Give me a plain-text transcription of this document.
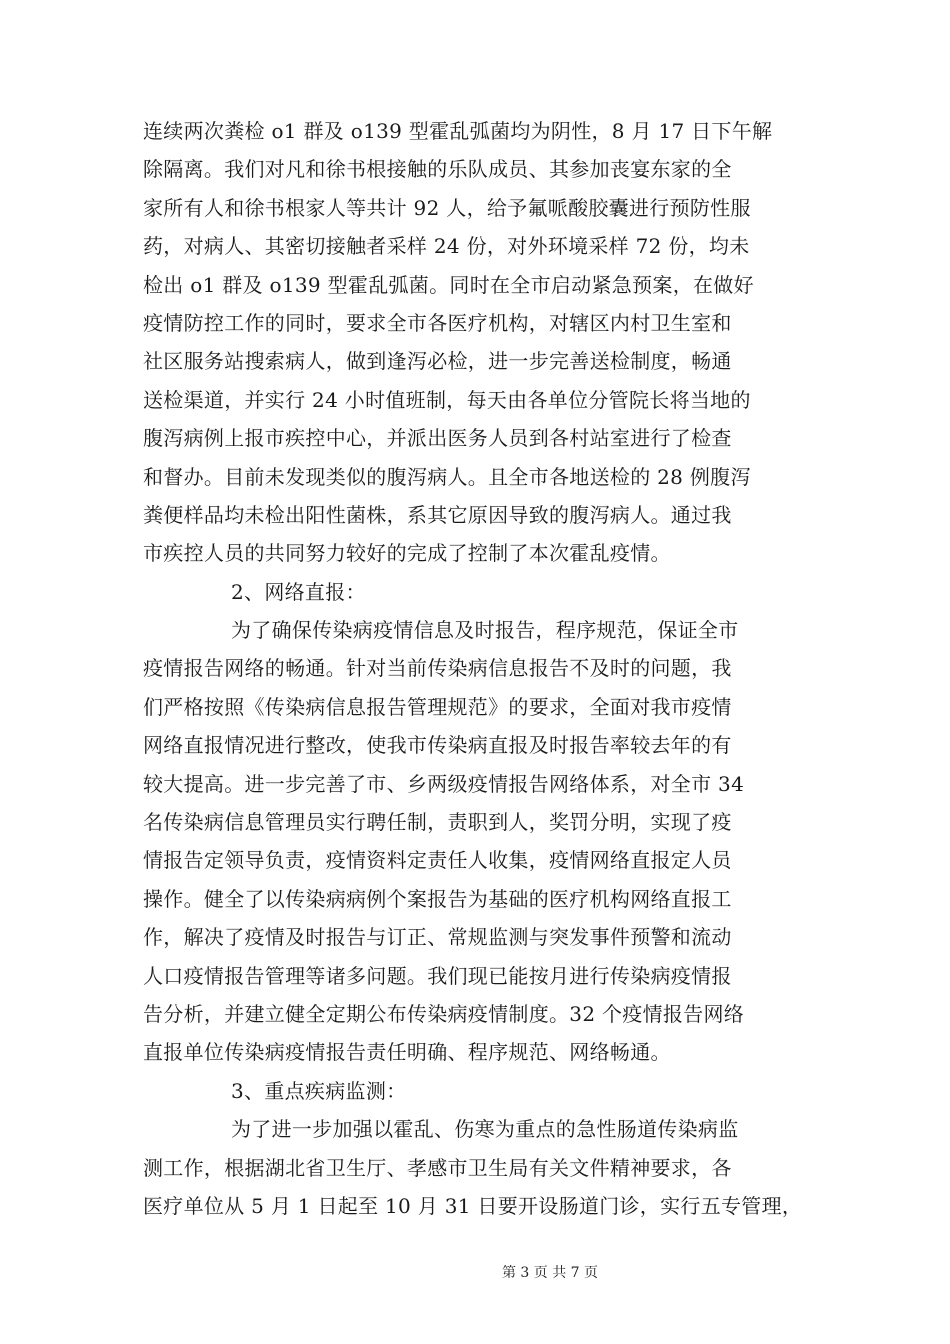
连续两次粪检 o1 群及 o139 型霍乱弧菌均为阴性，8 月 17 日下午解
除隔离。我们对凡和徐书根接触的乐队成员、其参加丧宴东家的全
家所有人和徐书根家人等共计 92 人，给予氟哌酸胶囊进行预防性服
药，对病人、其密切接触者采样 24 份，对外环境采样 72 份，均未
检出 o1 群及 o139 型霍乱弧菌。同时在全市启动紧急预案，在做好
疫情防控工作的同时，要求全市各医疗机构，对辖区内村卫生室和
社区服务站搜索病人，做到逢泻必检，进一步完善送检制度，畅通
送检渠道，并实行 24 小时值班制，每天由各单位分管院长将当地的
腹泻病例上报市疾控中心，并派出医务人员到各村站室进行了检查
和督办。目前未发现类似的腹泻病人。且全市各地送检的 28 例腹泻
粪便样品均未检出阳性菌株，系其它原因导致的腹泻病人。通过我
市疾控人员的共同努力较好的完成了控制了本次霍乱疫情。
2、网络直报：
为了确保传染病疫情信息及时报告，程序规范，保证全市
疫情报告网络的畅通。针对当前传染病信息报告不及时的问题，我
们严格按照《传染病信息报告管理规范》的要求，全面对我市疫情
网络直报情况进行整改，使我市传染病直报及时报告率较去年的有
较大提高。进一步完善了市、乡两级疫情报告网络体系，对全市 34
名传染病信息管理员实行聘任制，责职到人，奖罚分明，实现了疫
情报告定领导负责，疫情资料定责任人收集，疫情网络直报定人员
操作。健全了以传染病病例个案报告为基础的医疗机构网络直报工
作，解决了疫情及时报告与订正、常规监测与突发事件预警和流动
人口疫情报告管理等诸多问题。我们现已能按月进行传染病疫情报
告分析，并建立健全定期公布传染病疫情制度。32 个疫情报告网络
直报单位传染病疫情报告责任明确、程序规范、网络畅通。
3、重点疾病监测：
为了进一步加强以霍乱、伤寒为重点的急性肠道传染病监
测工作，根据湖北省卫生厅、孝感市卫生局有关文件精神要求，各
医疗单位从 5 月 1 日起至 10 月 31 日要开设肠道门诊，实行五专管理，
第 3 页 共 7 页
